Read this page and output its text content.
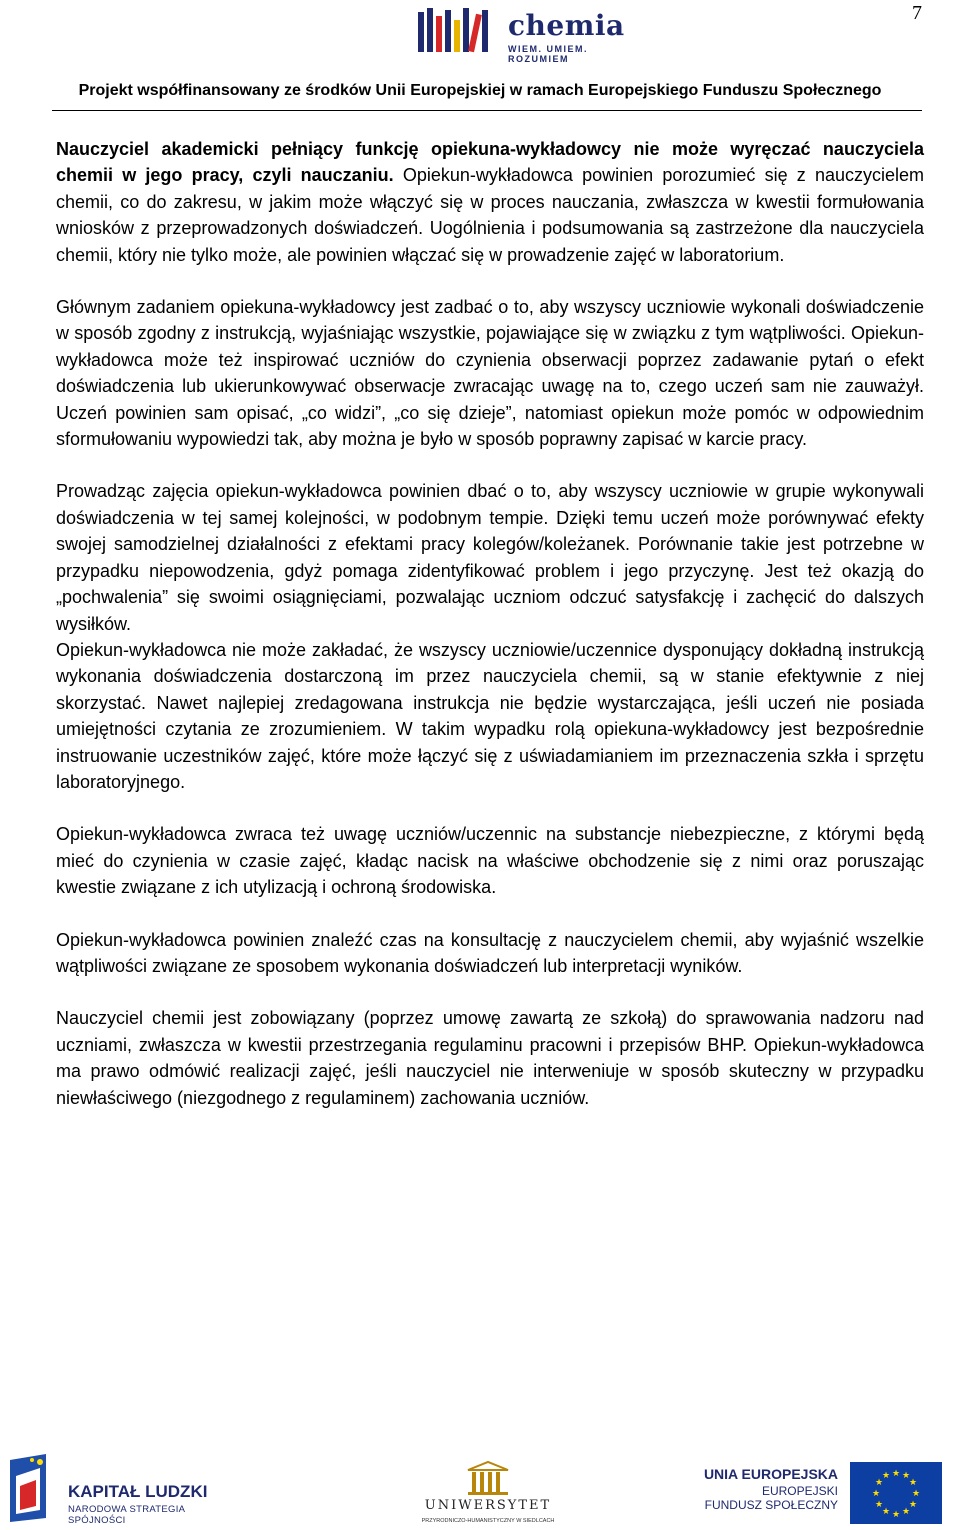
7
chemia
WIEM. UMIEM. ROZUMIEM
Projekt współfinansowany ze środków Unii Europejskiej w ramach Europejskiego Funduszu Społecznego

Nauczyciel akademicki pełniący funkcję opiekuna-wykładowcy nie może wyręczać nauczyciela chemii w jego pracy, czyli nauczaniu. Opiekun-wykładowca powinien porozumieć się z nauczycielem chemii, co do zakresu, w jakim może włączyć się w proces nauczania, zwłaszcza w kwestii formułowania wniosków z przeprowadzonych doświadczeń. Uogólnienia i podsumowania są zastrzeżone dla nauczyciela chemii, który nie tylko może, ale powinien włączać się w prowadzenie zajęć w laboratorium.

Głównym zadaniem opiekuna-wykładowcy jest zadbać o to, aby wszyscy uczniowie wykonali doświadczenie w sposób zgodny z instrukcją, wyjaśniając wszystkie, pojawiające się w związku z tym wątpliwości. Opiekun-wykładowca może też inspirować uczniów do czynienia obserwacji poprzez zadawanie pytań o efekt doświadczenia lub ukierunkowywać obserwacje zwracając uwagę na to, czego uczeń sam nie zauważył. Uczeń powinien sam opisać, „co widzi”, „co się dzieje”, natomiast opiekun może pomóc w odpowiednim sformułowaniu wypowiedzi tak, aby można je było w sposób poprawny zapisać w karcie pracy.

Prowadząc zajęcia opiekun-wykładowca powinien dbać o to, aby wszyscy uczniowie w grupie wykonywali doświadczenia w tej samej kolejności, w podobnym tempie. Dzięki temu uczeń może porównywać efekty swojej samodzielnej działalności z efektami pracy kolegów/koleżanek. Porównanie takie jest potrzebne w przypadku niepowodzenia, gdyż pomaga zidentyfikować problem i jego przyczynę. Jest też okazją do „pochwalenia” się swoimi osiągnięciami, pozwalając uczniom odczuć satysfakcję i zachęcić do dalszych wysiłków.

Opiekun-wykładowca nie może zakładać, że wszyscy uczniowie/uczennice dysponujący dokładną instrukcją wykonania doświadczenia dostarczoną im przez nauczyciela chemii, są w stanie efektywnie z niej skorzystać. Nawet najlepiej zredagowana instrukcja nie będzie wystarczająca, jeśli uczeń nie posiada umiejętności czytania ze zrozumieniem. W takim wypadku rolą opiekuna-wykładowcy jest bezpośrednie instruowanie uczestników zajęć, które może łączyć się z uświadamianiem im przeznaczenia szkła i sprzętu laboratoryjnego.

Opiekun-wykładowca zwraca też uwagę uczniów/uczennic na substancje niebezpieczne, z którymi będą mieć do czynienia w czasie zajęć, kładąc nacisk na właściwe obchodzenie się z nimi oraz poruszając kwestie związane z ich utylizacją i ochroną środowiska.

Opiekun-wykładowca powinien znaleźć czas na konsultację z nauczycielem chemii, aby wyjaśnić wszelkie wątpliwości związane ze sposobem wykonania doświadczeń lub interpretacji wyników.

Nauczyciel chemii jest zobowiązany (poprzez umowę zawartą ze szkołą) do sprawowania nadzoru nad uczniami, zwłaszcza w kwestii przestrzegania regulaminu pracowni i przepisów BHP. Opiekun-wykładowca ma prawo odmówić realizacji zajęć, jeśli nauczyciel nie interweniuje w sposób skuteczny w przypadku niewłaściwego (niezgodnego z regulaminem) zachowania uczniów.

KAPITAŁ LUDZKI
NARODOWA STRATEGIA SPÓJNOŚCI
UNIWERSYTET
PRZYRODNICZO-HUMANISTYCZNY W SIEDLCACH
UNIA EUROPEJSKA
EUROPEJSKI
FUNDUSZ SPOŁECZNY
★ ★
★
★
★
★
★
★
★
★
★
★
